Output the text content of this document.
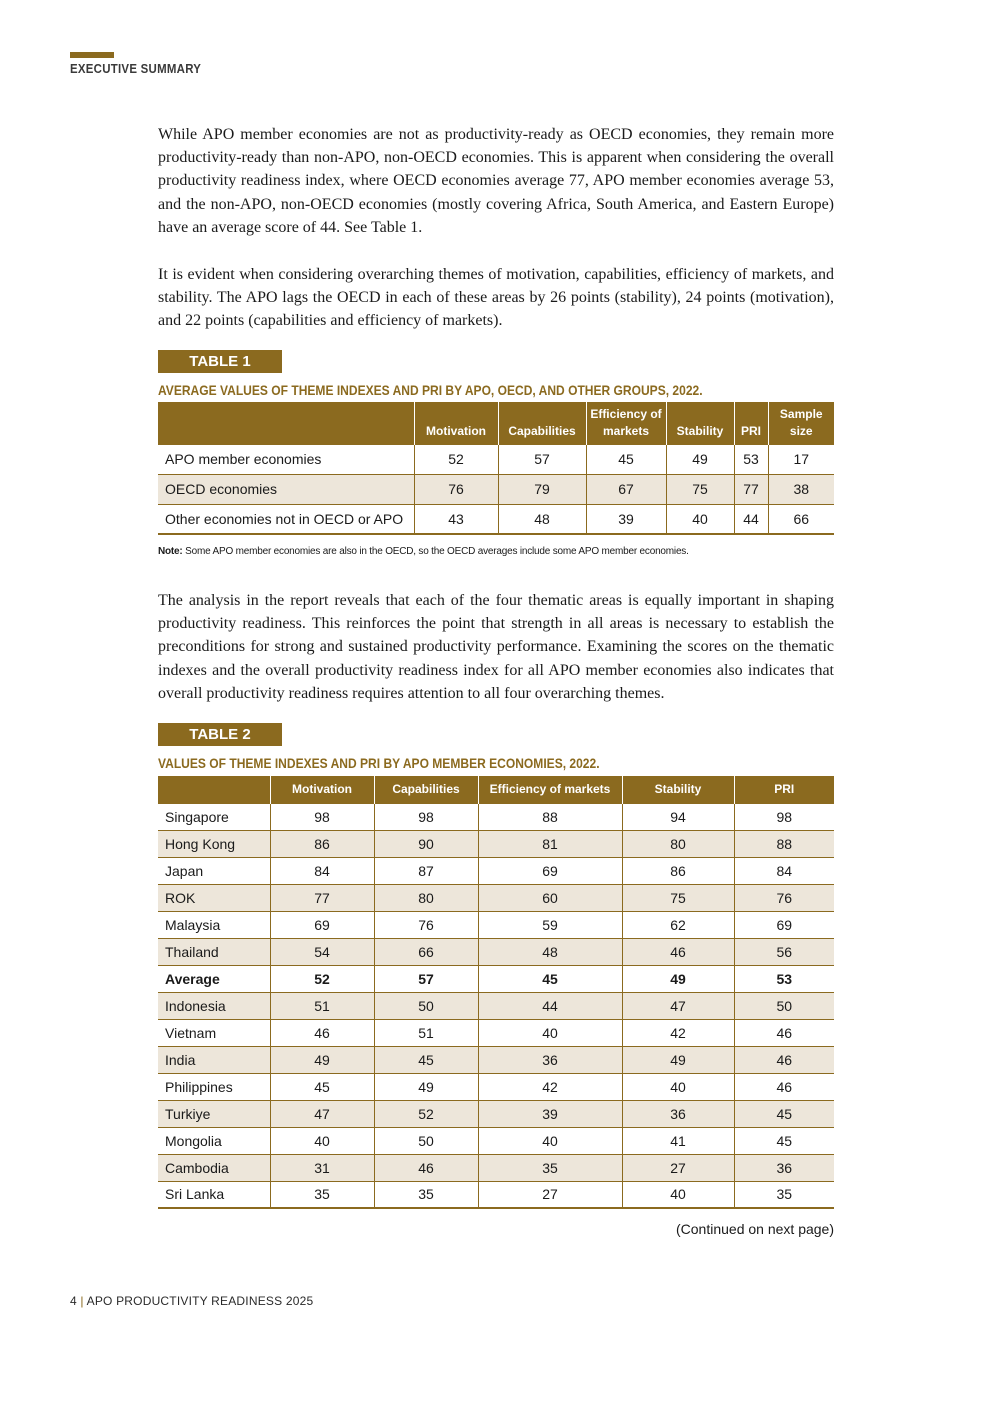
EXECUTIVE SUMMARY

While APO member economies are not as productivity-ready as OECD economies, they remain more productivity-ready than non-APO, non-OECD economies. This is apparent when considering the overall productivity readiness index, where OECD economies average 77, APO member economies average 53, and the non-APO, non-OECD economies (mostly covering Africa, South America, and Eastern Europe) have an average score of 44. See Table 1.

It is evident when considering overarching themes of motivation, capabilities, efficiency of markets, and stability. The APO lags the OECD in each of these areas by 26 points (stability), 24 points (motivation), and 22 points (capabilities and efficiency of markets).

TABLE 1
AVERAGE VALUES OF THEME INDEXES AND PRI BY APO, OECD, AND OTHER GROUPS, 2022.
	Motivation	Capabilities	Efficiency of markets	Stability	PRI	Sample size
APO member economies	52	57	45	49	53	17
OECD economies	76	79	67	75	77	38
Other economies not in OECD or APO	43	48	39	40	44	66
Note: Some APO member economies are also in the OECD, so the OECD averages include some APO member economies.

The analysis in the report reveals that each of the four thematic areas is equally important in shaping productivity readiness. This reinforces the point that strength in all areas is necessary to establish the preconditions for strong and sustained productivity performance. Examining the scores on the thematic indexes and the overall productivity readiness index for all APO member economies also indicates that overall productivity readiness requires attention to all four overarching themes.

TABLE 2
VALUES OF THEME INDEXES AND PRI BY APO MEMBER ECONOMIES, 2022.
	Motivation	Capabilities	Efficiency of markets	Stability	PRI
Singapore	98	98	88	94	98
Hong Kong	86	90	81	80	88
Japan	84	87	69	86	84
ROK	77	80	60	75	76
Malaysia	69	76	59	62	69
Thailand	54	66	48	46	56
Average	52	57	45	49	53
Indonesia	51	50	44	47	50
Vietnam	46	51	40	42	46
India	49	45	36	49	46
Philippines	45	49	42	40	46
Turkiye	47	52	39	36	45
Mongolia	40	50	40	41	45
Cambodia	31	46	35	27	36
Sri Lanka	35	35	27	40	35
(Continued on next page)
4 | APO PRODUCTIVITY READINESS 2025
